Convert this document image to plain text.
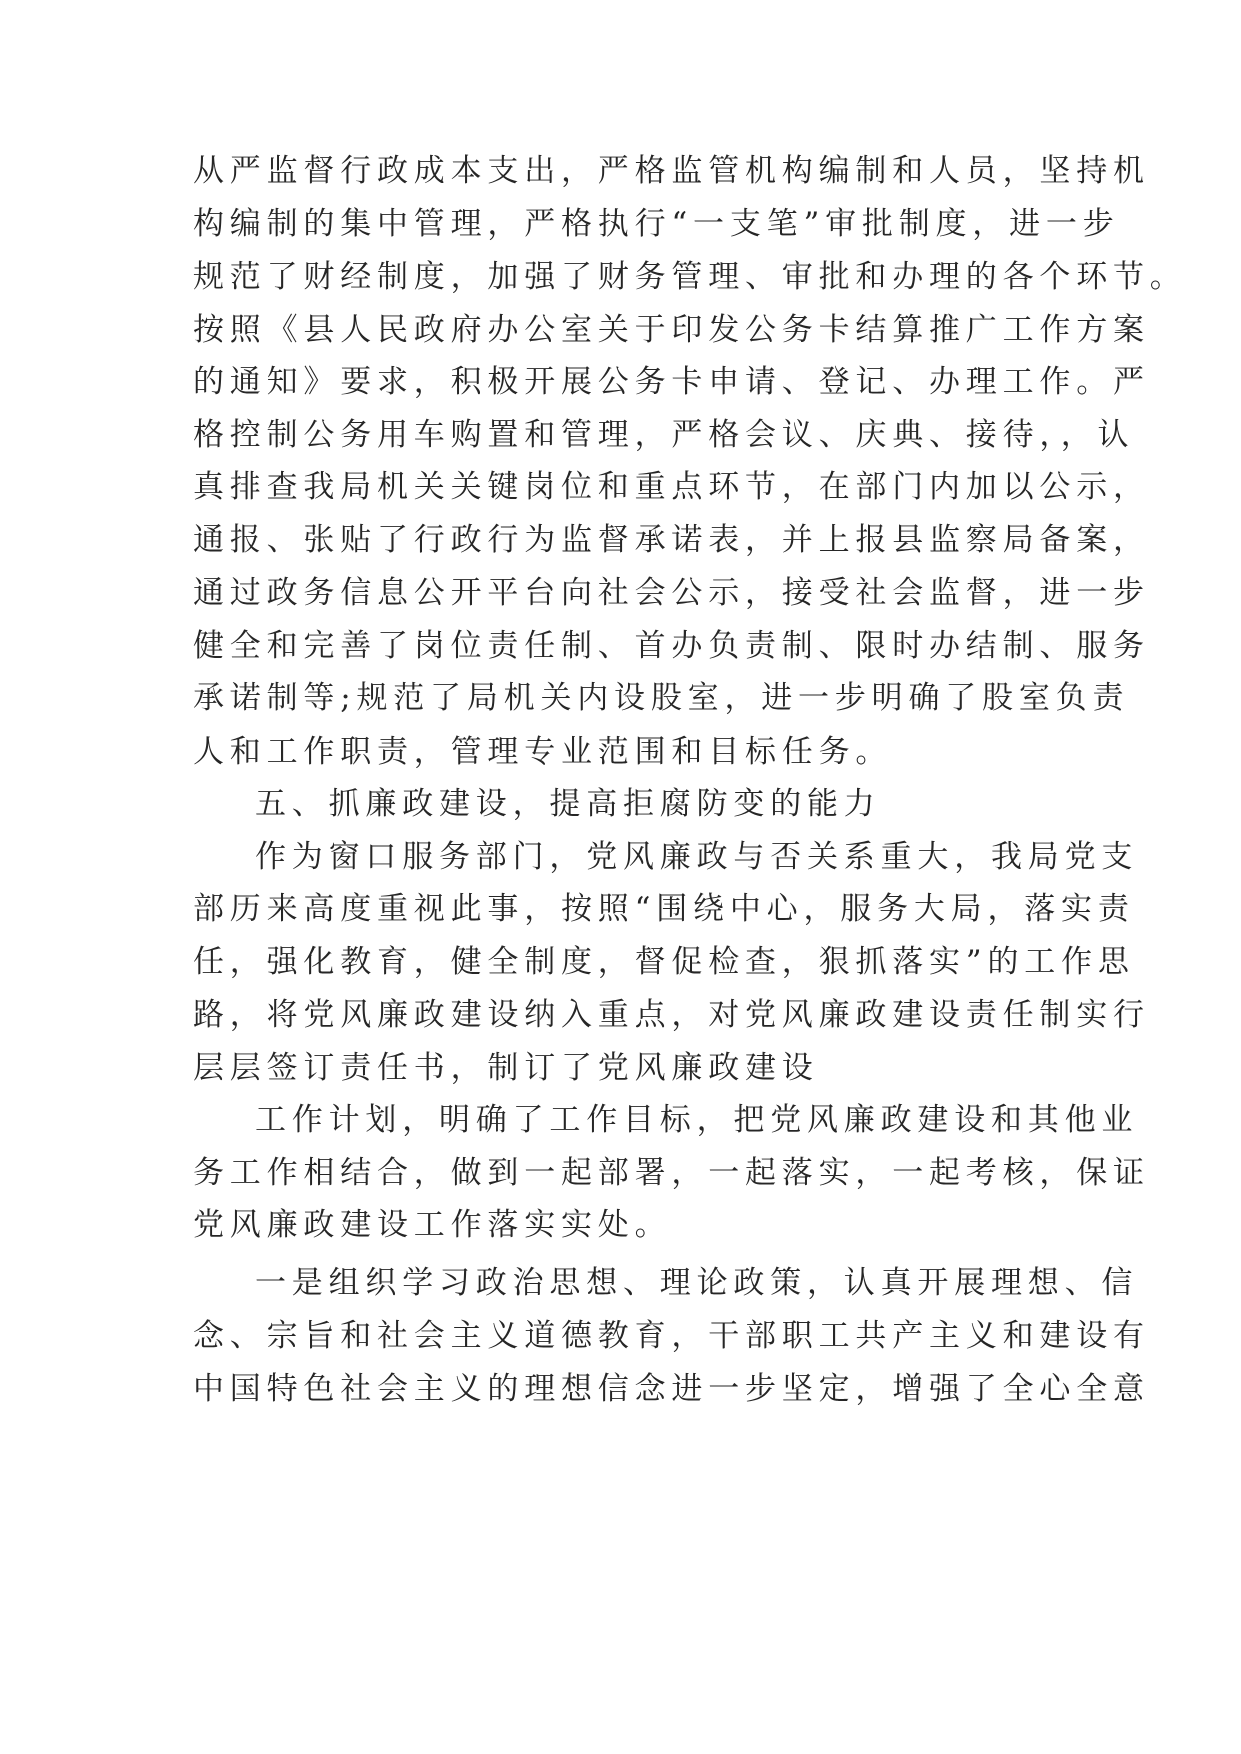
从严监督行政成本支出，严格监管机构编制和人员，坚持机
构编制的集中管理，严格执行“一支笔”审批制度，进一步
规范了财经制度，加强了财务管理、审批和办理的各个环节。
按照《县人民政府办公室关于印发公务卡结算推广工作方案
的通知》要求，积极开展公务卡申请、登记、办理工作。严
格控制公务用车购置和管理，严格会议、庆典、接待，，认
真排查我局机关关键岗位和重点环节，在部门内加以公示，
通报、张贴了行政行为监督承诺表，并上报县监察局备案，
通过政务信息公开平台向社会公示，接受社会监督，进一步
健全和完善了岗位责任制、首办负责制、限时办结制、服务
承诺制等;规范了局机关内设股室，进一步明确了股室负责
人和工作职责，管理专业范围和目标任务。
五、抓廉政建设，提高拒腐防变的能力
作为窗口服务部门，党风廉政与否关系重大，我局党支
部历来高度重视此事，按照“围绕中心，服务大局，落实责
任，强化教育，健全制度，督促检查，狠抓落实”的工作思
路，将党风廉政建设纳入重点，对党风廉政建设责任制实行
层层签订责任书，制订了党风廉政建设
工作计划，明确了工作目标，把党风廉政建设和其他业
务工作相结合，做到一起部署，一起落实，一起考核，保证
党风廉政建设工作落实实处。
一是组织学习政治思想、理论政策，认真开展理想、信
念、宗旨和社会主义道德教育，干部职工共产主义和建设有
中国特色社会主义的理想信念进一步坚定，增强了全心全意
